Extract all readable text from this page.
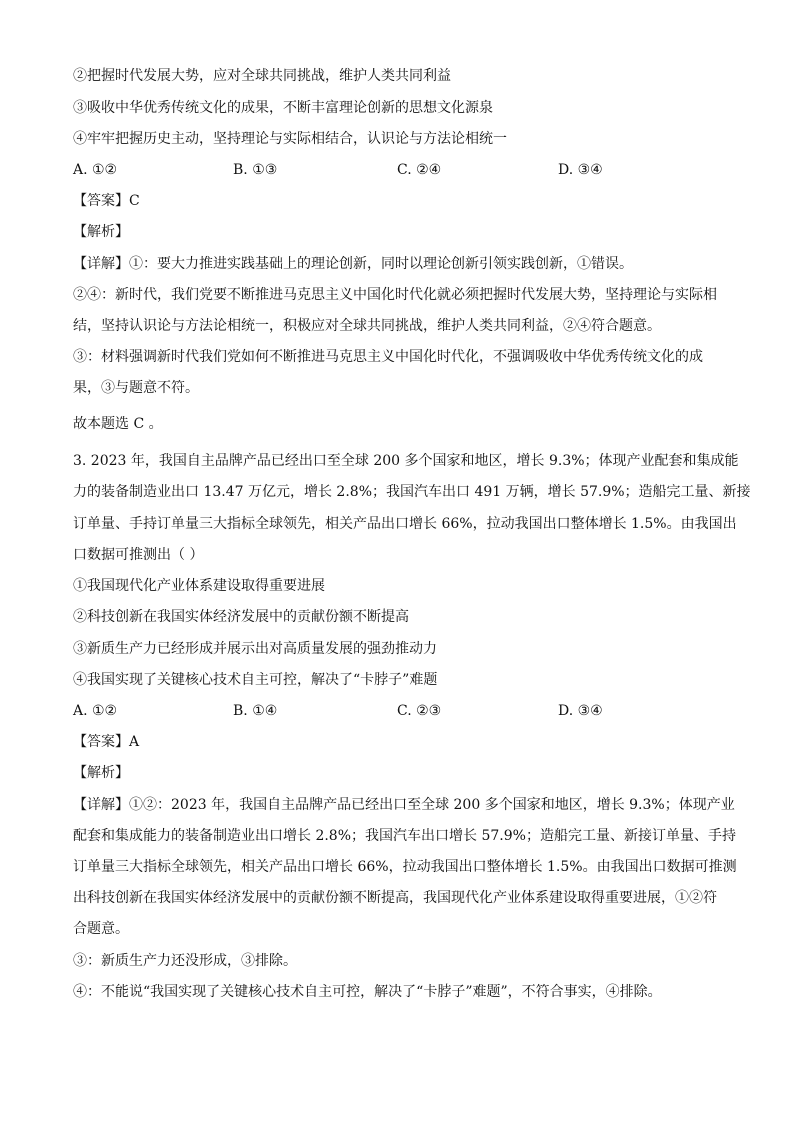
②把握时代发展大势，应对全球共同挑战，维护人类共同利益
③吸收中华优秀传统文化的成果，不断丰富理论创新的思想文化源泉
④牢牢把握历史主动，坚持理论与实际相结合，认识论与方法论相统一
A. ①②	B. ①③	C. ②④	D. ③④
【答案】C
【解析】
【详解】①：要大力推进实践基础上的理论创新，同时以理论创新引领实践创新，①错误。
②④：新时代，我们党要不断推进马克思主义中国化时代化就必须把握时代发展大势，坚持理论与实际相
结，坚持认识论与方法论相统一，积极应对全球共同挑战，维护人类共同利益，②④符合题意。
③：材料强调新时代我们党如何不断推进马克思主义中国化时代化，不强调吸收中华优秀传统文化的成
果，③与题意不符。
故本题选 C 。
3. 2023 年，我国自主品牌产品已经出口至全球 200 多个国家和地区，增长 9.3%；体现产业配套和集成能
力的装备制造业出口 13.47 万亿元，增长 2.8%；我国汽车出口 491 万辆，增长 57.9%；造船完工量、新接
订单量、手持订单量三大指标全球领先，相关产品出口增长 66%，拉动我国出口整体增长 1.5%。由我国出
口数据可推测出（ ）
①我国现代化产业体系建设取得重要进展
②科技创新在我国实体经济发展中的贡献份额不断提高
③新质生产力已经形成并展示出对高质量发展的强劲推动力
④我国实现了关键核心技术自主可控，解决了“卡脖子”难题
A. ①②	B. ①④	C. ②③	D. ③④
【答案】A
【解析】
【详解】①②：2023 年，我国自主品牌产品已经出口至全球 200 多个国家和地区，增长 9.3%；体现产业
配套和集成能力的装备制造业出口增长 2.8%；我国汽车出口增长 57.9%；造船完工量、新接订单量、手持
订单量三大指标全球领先，相关产品出口增长 66%，拉动我国出口整体增长 1.5%。由我国出口数据可推测
出科技创新在我国实体经济发展中的贡献份额不断提高，我国现代化产业体系建设取得重要进展，①②符
合题意。
③：新质生产力还没形成，③排除。
④：不能说“我国实现了关键核心技术自主可控，解决了“卡脖子”难题”，不符合事实，④排除。
